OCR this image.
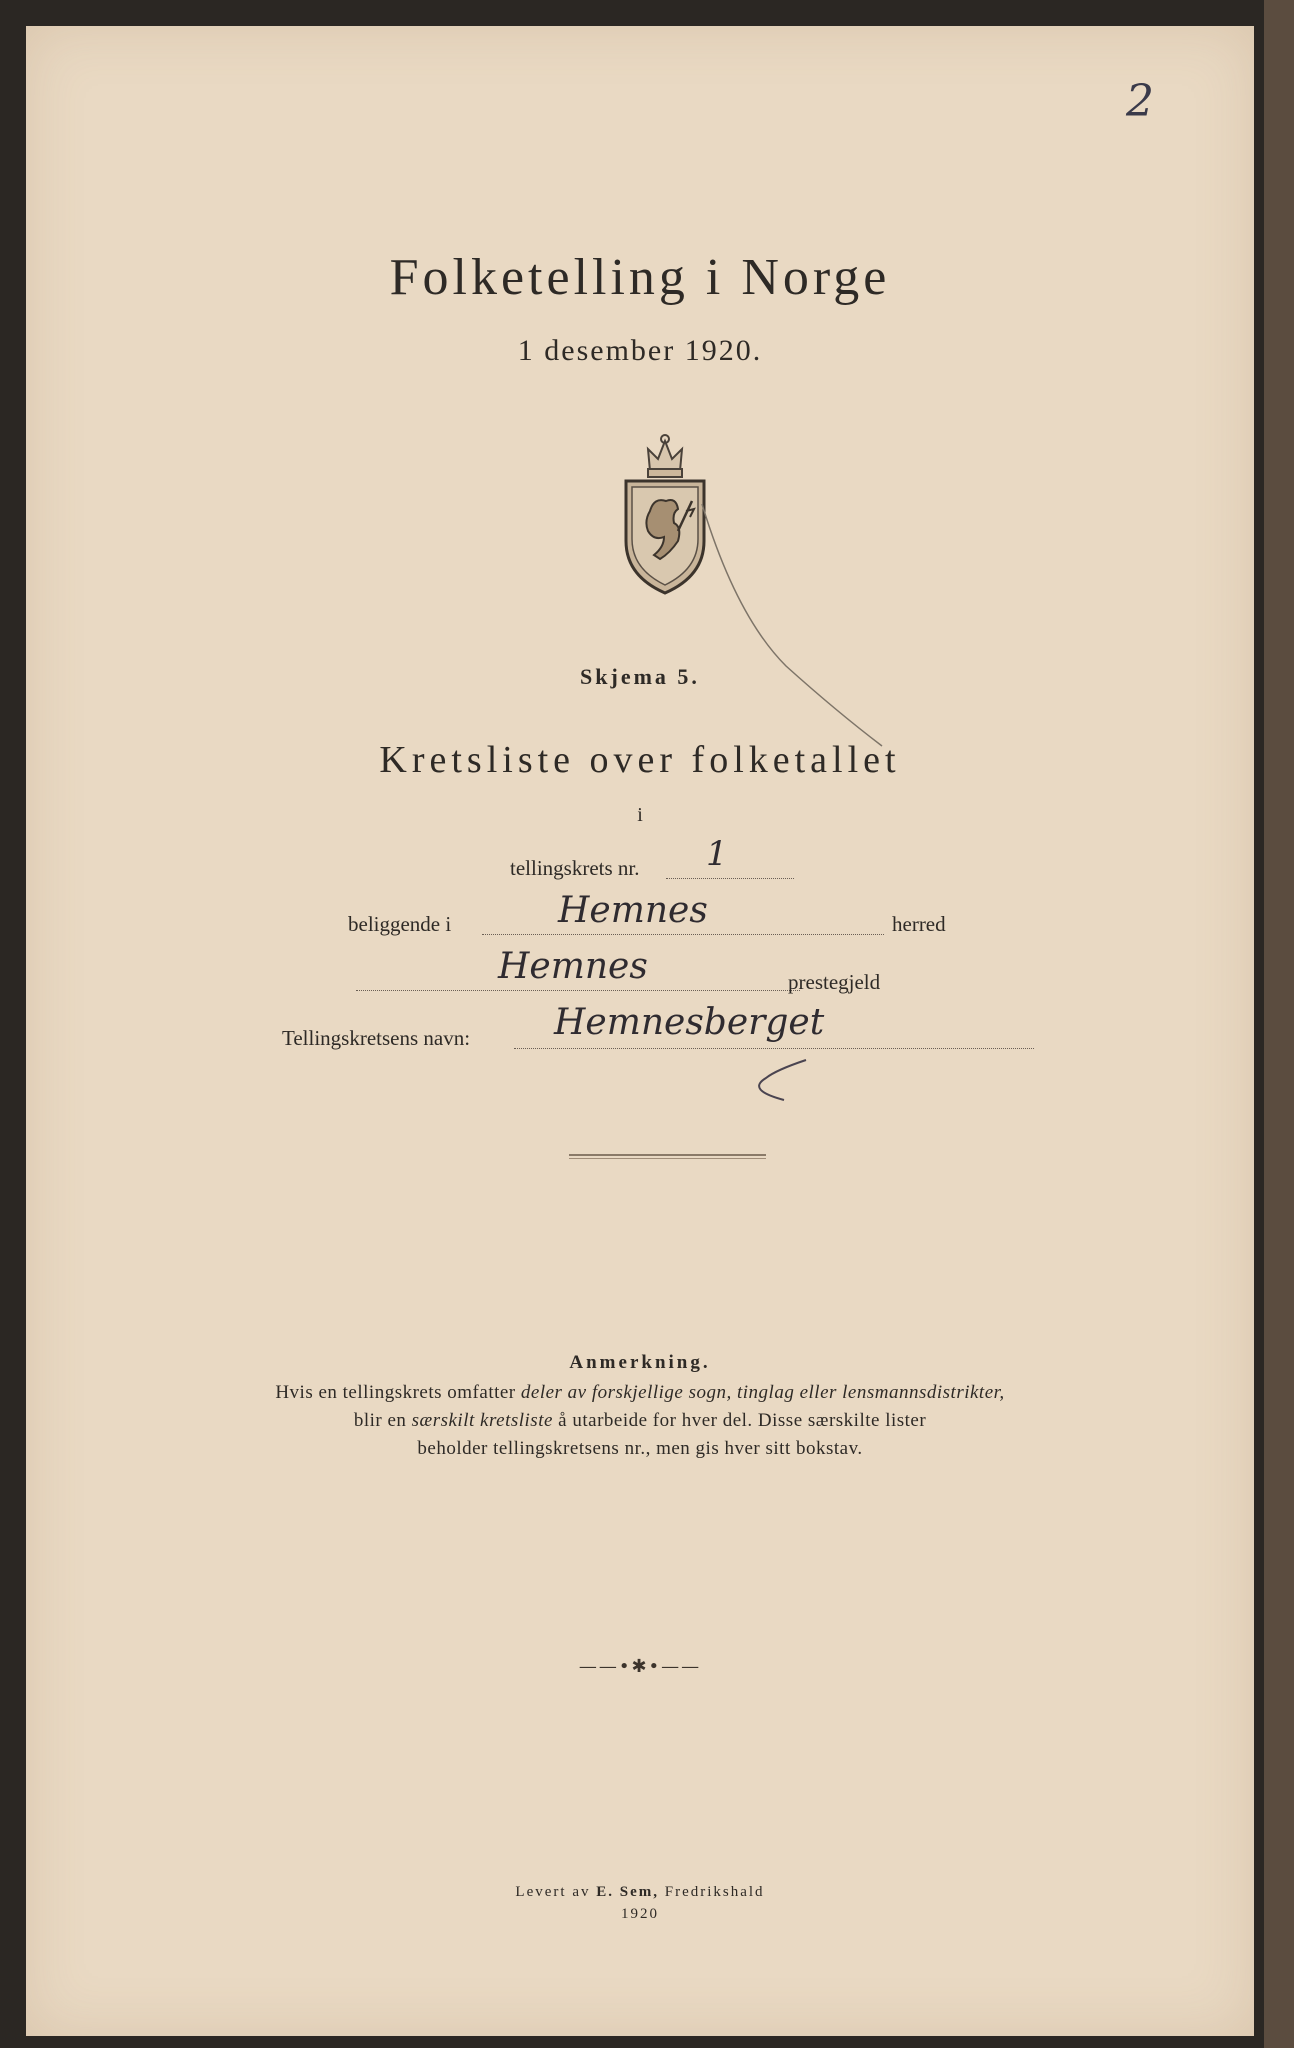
2
Folketelling i Norge
1 desember 1920.
Skjema 5.
Kretsliste over folketallet
i
tellingskrets nr. 1
beliggende i	Hemnes	herred
Hemnes	prestegjeld
Tellingskretsens navn: Hemnesberget
Anmerkning.
Hvis en tellingskrets omfatter deler av forskjellige sogn, tinglag eller lensmannsdistrikter,
blir en særskilt kretsliste å utarbeide for hver del. Disse særskilte lister
beholder tellingskretsens nr., men gis hver sitt bokstav.
——•✱•——
Levert av E. Sem, Fredrikshald
1920
